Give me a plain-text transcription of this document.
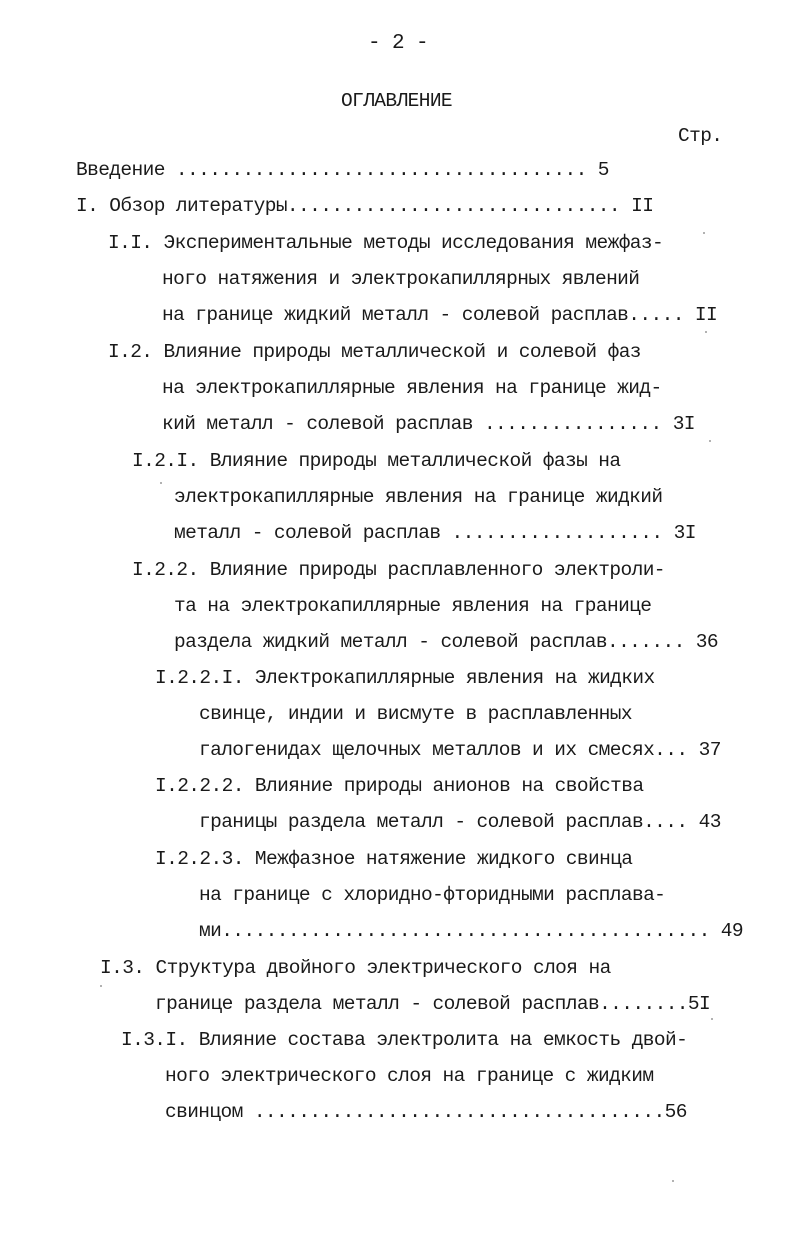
- 2 -
ОГЛАВЛЕНИЕ
Стр.
Введение ..................................... 5
I. Обзор литературы.............................. II
I.I. Экспериментальные методы исследования межфаз-
ного натяжения и электрокапиллярных явлений
на границе жидкий металл - солевой расплав..... II
I.2. Влияние природы металлической и солевой фаз
на электрокапиллярные явления на границе жид-
кий металл - солевой расплав ................ 3I
I.2.I. Влияние природы металлической фазы на
электрокапиллярные явления на границе жидкий
металл - солевой расплав ................... 3I
I.2.2. Влияние природы расплавленного электроли-
та на электрокапиллярные явления на границе
раздела жидкий металл - солевой расплав....... 36
I.2.2.I. Электрокапиллярные явления на жидких
свинце, индии и висмуте в расплавленных
галогенидах щелочных металлов и их смесях... 37
I.2.2.2. Влияние природы анионов на свойства
границы раздела металл - солевой расплав.... 43
I.2.2.3. Межфазное натяжение жидкого свинца
на границе с хлоридно-фторидными расплава-
ми............................................ 49
I.3. Структура двойного электрического слоя на
границе раздела металл - солевой расплав........5I
I.3.I. Влияние состава электролита на емкость двой-
ного электрического слоя на границе с жидким
свинцом .....................................56
